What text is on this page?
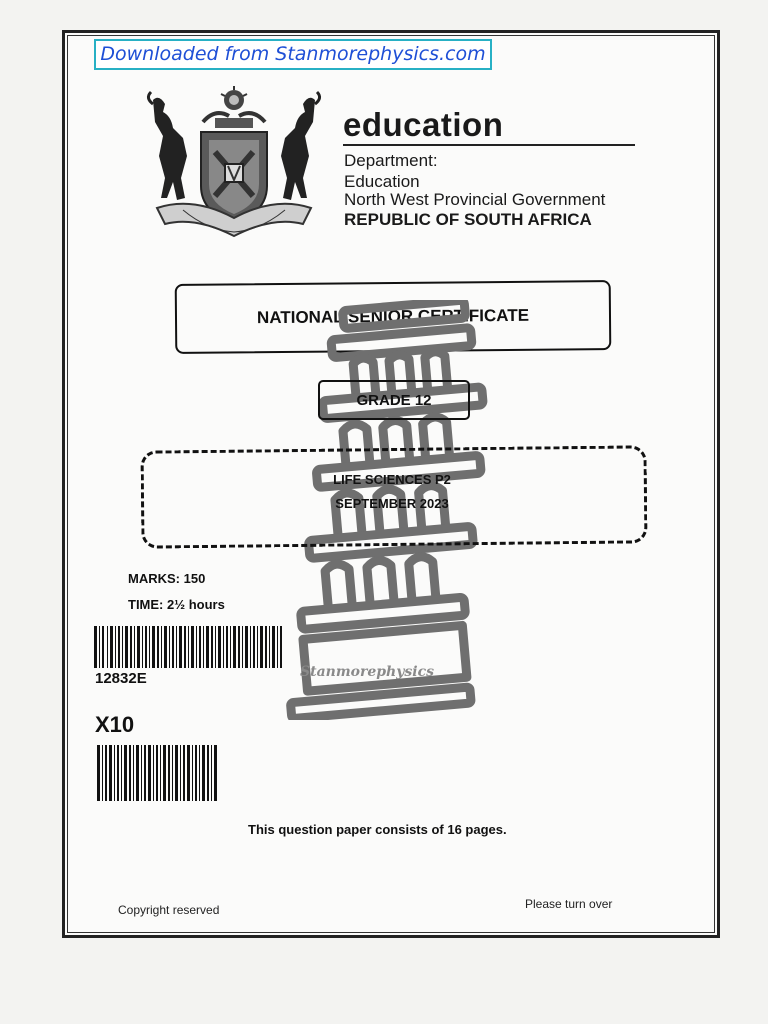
Downloaded from Stanmorephysics.com
education
Department:
Education
North West Provincial Government
REPUBLIC OF SOUTH AFRICA
NATIONAL SENIOR CERTIFICATE
Stanmorephysics
GRADE 12
LIFE SCIENCES P2
SEPTEMBER 2023
MARKS: 150
TIME: 2½ hours
12832E
X10
This question paper consists of 16 pages.
Copyright reserved	Please turn over
